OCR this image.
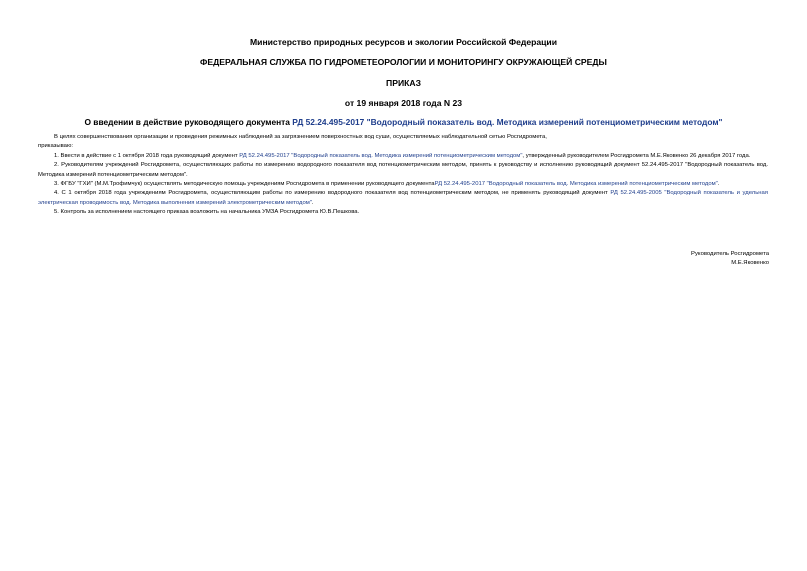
Министерство природных ресурсов и экологии Российской Федерации
ФЕДЕРАЛЬНАЯ СЛУЖБА ПО ГИДРОМЕТЕОРОЛОГИИ И МОНИТОРИНГУ ОКРУЖАЮЩЕЙ СРЕДЫ
ПРИКАЗ
от 19 января 2018 года N 23
О введении в действие руководящего документа РД 52.24.495-2017 "Водородный показатель вод. Методика измерений потенциометрическим методом"

В целях совершенствования организации и проведения режимных наблюдений за загрязнением поверхностных вод суши, осуществляемых наблюдательной сетью Росгидромета,

приказываю:

1. Ввести в действие с 1 октября 2018 года руководящий документ РД 52.24.495-2017 "Водородный показатель вод. Методика измерений потенциометрическим методом", утвержденный руководителем Росгидромета М.Е.Яковенко 26 декабря 2017 года.

2. Руководителям учреждений Росгидромета, осуществляющих работы по измерению водородного показателя вод потенциометрическим методом, принять к руководству и исполнению руководящий документ 52.24.495-2017 "Водородный показатель вод. Методика измерений потенциометрическим методом".

3. ФГБУ "ГХИ" (М.М.Трофимчук) осуществлять методическую помощь учреждениям Росгидромета в применении руководящего документаРД 52.24.495-2017 "Водородный показатель вод. Методика измерений потенциометрическим методом".

4. С 1 октября 2018 года учреждениям Росгидромета, осуществляющим работы по измерению водородного показателя вод потенциометрическим методом, не применять руководящий документ РД 52.24.495-2005 "Водородный показатель и удельная электрическая проводимость вод. Методика выполнения измерений электрометрическим методом".

5. Контроль за исполнением настоящего приказа возложить на начальника УМЗА Росгидромета Ю.В.Пешкова.

Руководитель Росгидромета
М.Е.Яковенко
